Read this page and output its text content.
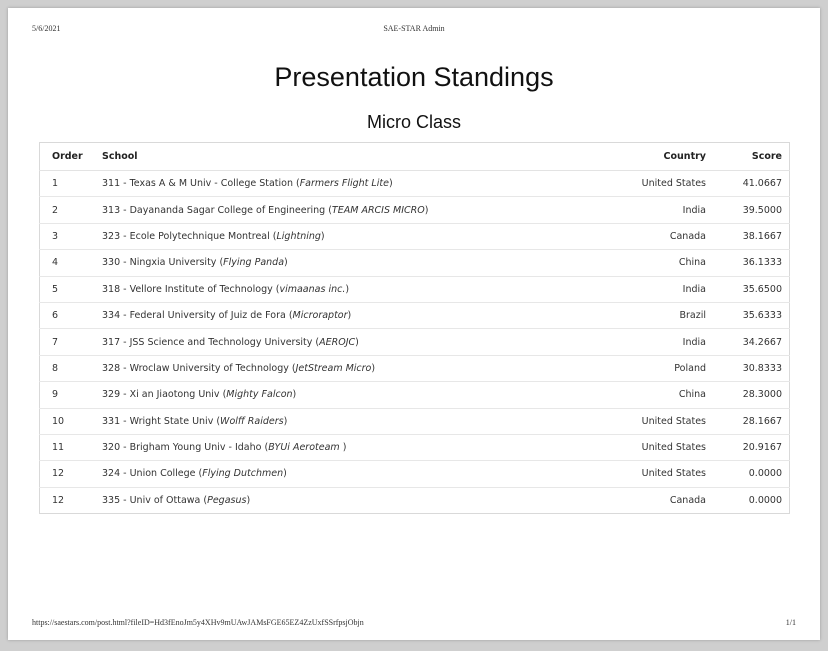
5/6/2021	SAE-STAR Admin
Presentation Standings
Micro Class
Order	School	Country	Score
1	311 - Texas A & M Univ - College Station (Farmers Flight Lite)	United States	41.0667
2	313 - Dayananda Sagar College of Engineering (TEAM ARCIS MICRO)	India	39.5000
3	323 - Ecole Polytechnique Montreal (Lightning)	Canada	38.1667
4	330 - Ningxia University (Flying Panda)	China	36.1333
5	318 - Vellore Institute of Technology (vimaanas inc.)	India	35.6500
6	334 - Federal University of Juiz de Fora (Microraptor)	Brazil	35.6333
7	317 - JSS Science and Technology University (AEROJC)	India	34.2667
8	328 - Wroclaw University of Technology (JetStream Micro)	Poland	30.8333
9	329 - Xi an Jiaotong Univ (Mighty Falcon)	China	28.3000
10	331 - Wright State Univ (Wolff Raiders)	United States	28.1667
11	320 - Brigham Young Univ - Idaho (BYUi Aeroteam )	United States	20.9167
12	324 - Union College (Flying Dutchmen)	United States	0.0000
12	335 - Univ of Ottawa (Pegasus)	Canada	0.0000
https://saestars.com/post.html?fileID=Hd3fEnoJm5y4XHv9mUAwJAMsFGE65EZ4ZzUxfSSrfpsjObjn	1/1
